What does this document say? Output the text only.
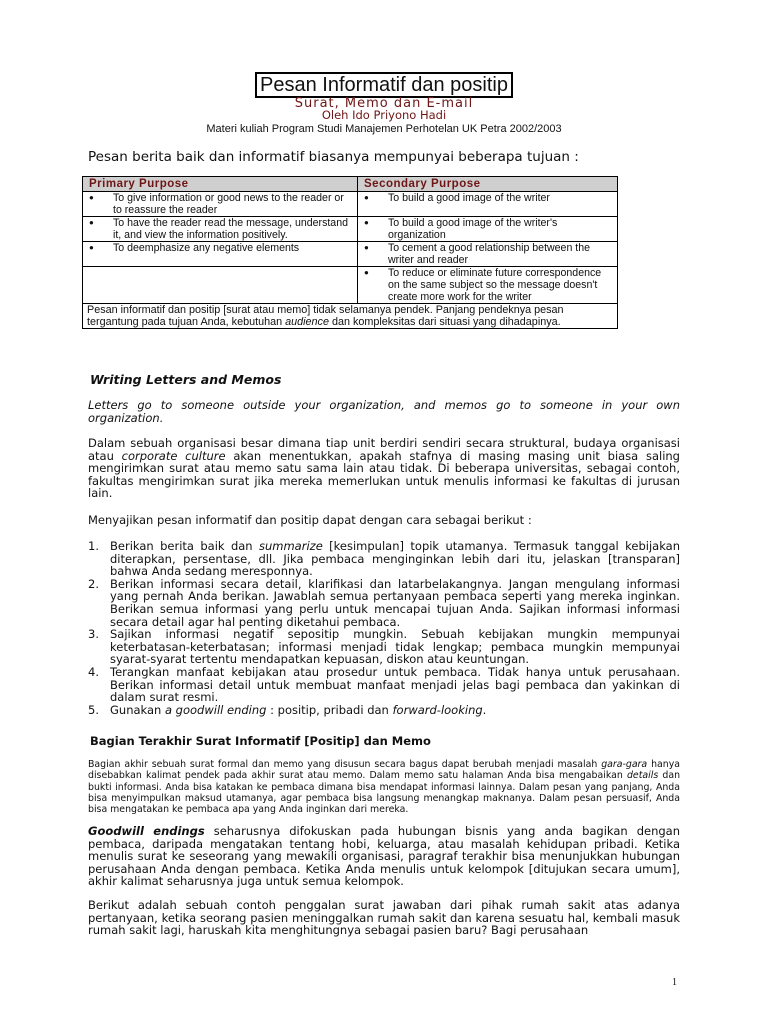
Pesan Informatif dan positip
Surat, Memo dan E-mail
Oleh Ido Priyono Hadi
Materi kuliah Program Studi Manajemen Perhotelan UK Petra 2002/2003
Pesan berita baik dan informatif biasanya mempunyai beberapa tujuan :
Primary Purpose	Secondary Purpose

● To give information or good news to the reader or to reassure the reader	● To build a good image of the writer

● To have the reader read the message, understand it, and view the information positively.	● To build a good image of the writer's organization

● To deemphasize any negative elements	● To cement a good relationship between the writer and reader

	● To reduce or eliminate future correspondence on the same subject so the message doesn't create more work for the writer

Pesan informatif dan positip [surat atau memo] tidak selamanya pendek. Panjang pendeknya pesan tergantung pada tujuan Anda, kebutuhan audience dan kompleksitas dari situasi yang dihadapinya.	
Writing Letters and Memos
Letters go to someone outside your organization, and memos go to someone in your own organization.
Dalam sebuah organisasi besar dimana tiap unit berdiri sendiri secara struktural, budaya organisasi atau corporate culture akan menentukkan, apakah stafnya di masing masing unit biasa saling mengirimkan surat atau memo satu sama lain atau tidak. Di beberapa universitas, sebagai contoh, fakultas mengirimkan surat jika mereka memerlukan untuk menulis informasi ke fakultas di jurusan lain.
Menyajikan pesan informatif dan positip dapat dengan cara sebagai berikut :
1. Berikan berita baik dan summarize [kesimpulan] topik utamanya. Termasuk tanggal kebijakan diterapkan, persentase, dll. Jika pembaca menginginkan lebih dari itu, jelaskan [transparan] bahwa Anda sedang meresponnya.
2. Berikan informasi secara detail, klarifikasi dan latarbelakangnya. Jangan mengulang informasi yang pernah Anda berikan. Jawablah semua pertanyaan pembaca seperti yang mereka inginkan. Berikan semua informasi yang perlu untuk mencapai tujuan Anda. Sajikan informasi informasi secara detail agar hal penting diketahui pembaca.
3. Sajikan informasi negatif sepositip mungkin. Sebuah kebijakan mungkin mempunyai keterbatasan-keterbatasan; informasi menjadi tidak lengkap; pembaca mungkin mempunyai syarat-syarat tertentu mendapatkan kepuasan, diskon atau keuntungan.
4. Terangkan manfaat kebijakan atau prosedur untuk pembaca. Tidak hanya untuk perusahaan. Berikan informasi detail untuk membuat manfaat menjadi jelas bagi pembaca dan yakinkan di dalam surat resmi.
5. Gunakan a goodwill ending : positip, pribadi dan forward-looking.
Bagian Terakhir Surat Informatif [Positip] dan Memo
Bagian akhir sebuah surat formal dan memo yang disusun secara bagus dapat berubah menjadi masalah gara-gara hanya disebabkan kalimat pendek pada akhir surat atau memo. Dalam memo satu halaman Anda bisa mengabaikan details dan bukti informasi. Anda bisa katakan ke pembaca dimana bisa mendapat informasi lainnya. Dalam pesan yang panjang, Anda bisa menyimpulkan maksud utamanya, agar pembaca bisa langsung menangkap maknanya. Dalam pesan persuasif, Anda bisa mengatakan ke pembaca apa yang Anda inginkan dari mereka.
Goodwill endings seharusnya difokuskan pada hubungan bisnis yang anda bagikan dengan pembaca, daripada mengatakan tentang hobi, keluarga, atau masalah kehidupan pribadi. Ketika menulis surat ke seseorang yang mewakili organisasi, paragraf terakhir bisa menunjukkan hubungan perusahaan Anda dengan pembaca. Ketika Anda menulis untuk kelompok [ditujukan secara umum], akhir kalimat seharusnya juga untuk semua kelompok.
Berikut adalah sebuah contoh penggalan surat jawaban dari pihak rumah sakit atas adanya pertanyaan, ketika seorang pasien meninggalkan rumah sakit dan karena sesuatu hal, kembali masuk rumah sakit lagi, haruskah kita menghitungnya sebagai pasien baru? Bagi perusahaan
1
